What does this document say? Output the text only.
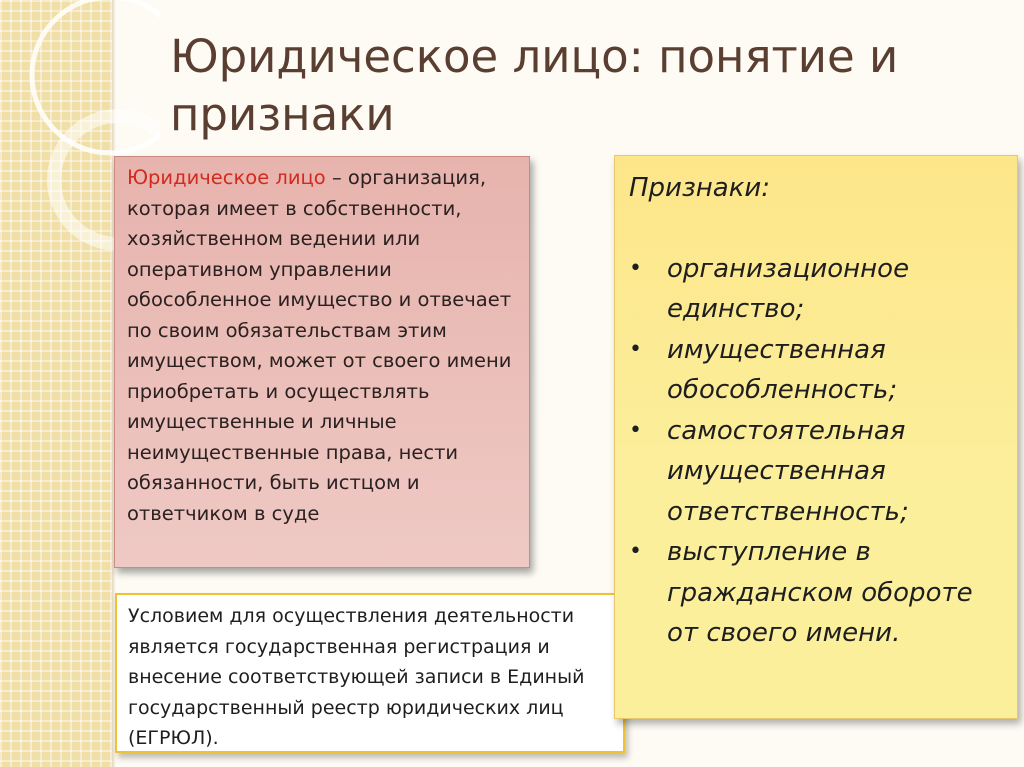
Юридическое лицо: понятие и признаки
Юридическое лицо – организация, которая имеет в собственности, хозяйственном ведении или оперативном управлении обособленное имущество и отвечает по своим обязательствам этим имуществом, может от своего имени приобретать и осуществлять имущественные и личные неимущественные права, нести обязанности, быть истцом и ответчиком в суде
Условием для осуществления деятельности является государственная регистрация и внесение соответствующей записи в Единый государственный реестр юридических лиц (ЕГРЮЛ).
Признаки:
• организационное единство;
• имущественная обособленность;
• самостоятельная имущественная ответственность;
• выступление в гражданском обороте от своего имени.
